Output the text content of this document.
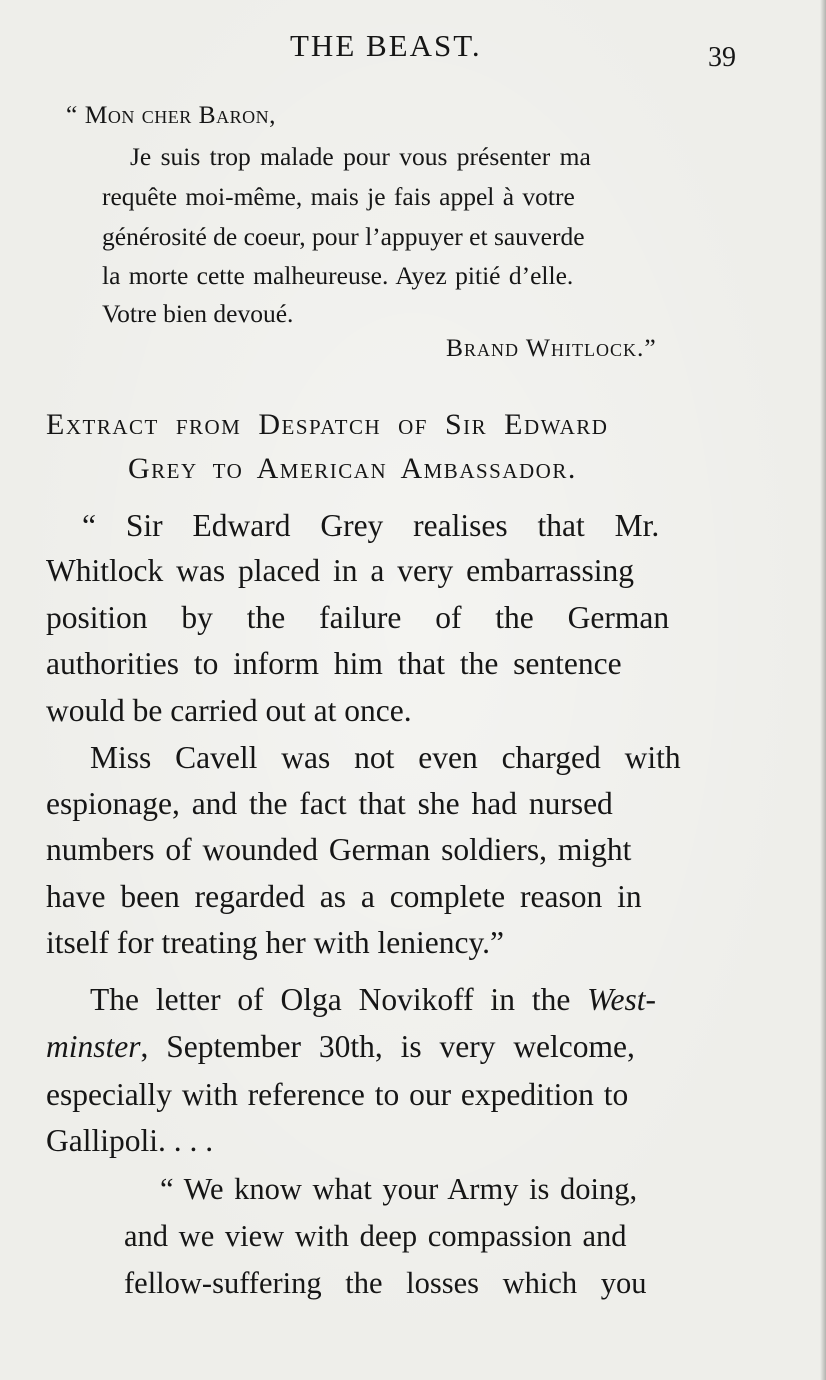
THE BEAST.	39
“ Mon cher Baron,
Je suis trop malade pour vous présenter ma
requête moi-même, mais je fais appel à votre
générosité de coeur, pour l’appuyer et sauverde
la morte cette malheureuse. Ayez pitié d’elle.
Votre bien devoué.
Brand Whitlock.”
Extract from Despatch of Sir Edward
Grey to American Ambassador.
“ Sir Edward Grey realises that Mr.
Whitlock was placed in a very embarrassing
position by the failure of the German
authorities to inform him that the sentence
would be carried out at once.
Miss Cavell was not even charged with
espionage, and the fact that she had nursed
numbers of wounded German soldiers, might
have been regarded as a complete reason in
itself for treating her with leniency.”
The letter of Olga Novikoff in the West-
minster, September 30th, is very welcome,
especially with reference to our expedition to
Gallipoli. . . .
“ We know what your Army is doing,
and we view with deep compassion and
fellow-suffering the losses which you
